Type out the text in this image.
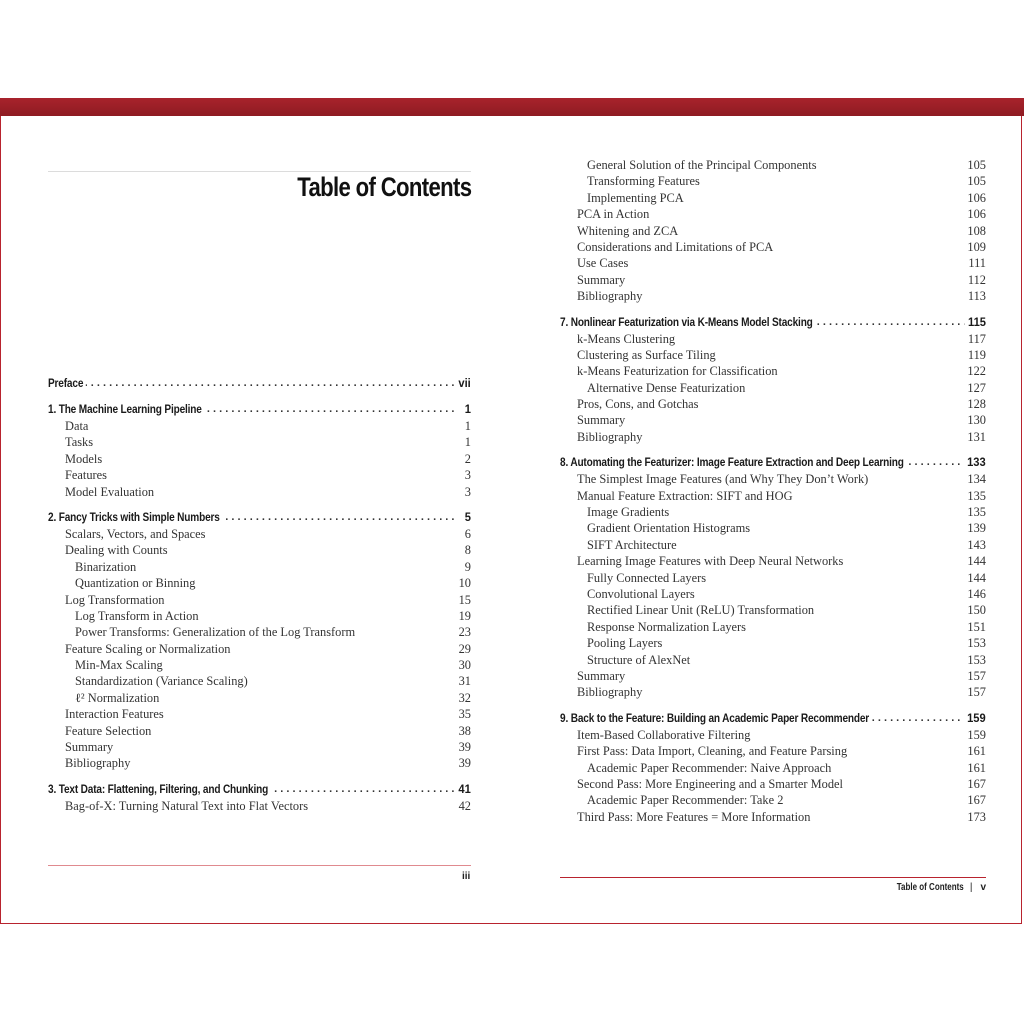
Table of Contents
. . .
Preface	vii
. . .
1. The Machine Learning Pipeline	1
Data	1
Tasks	1
Models	2
Features	3
Model Evaluation	3
. . .
2. Fancy Tricks with Simple Numbers	5
Scalars, Vectors, and Spaces	6
Dealing with Counts	8
Binarization	9
Quantization or Binning	10
Log Transformation	15
Log Transform in Action	19
Power Transforms: Generalization of the Log Transform	23
Feature Scaling or Normalization	29
Min-Max Scaling	30
Standardization (Variance Scaling)	31
ℓ² Normalization	32
Interaction Features	35
Feature Selection	38
Summary	39
Bibliography	39
. . .
3. Text Data: Flattening, Filtering, and Chunking	41
Bag-of-X: Turning Natural Text into Flat Vectors	42
General Solution of the Principal Components	105
Transforming Features	105
Implementing PCA	106
PCA in Action	106
Whitening and ZCA	108
Considerations and Limitations of PCA	109
Use Cases	111
Summary	112
Bibliography	113
. . .
7. Nonlinear Featurization via K-Means Model Stacking	115
k-Means Clustering	117
Clustering as Surface Tiling	119
k-Means Featurization for Classification	122
Alternative Dense Featurization	127
Pros, Cons, and Gotchas	128
Summary	130
Bibliography	131
. . .
8. Automating the Featurizer: Image Feature Extraction and Deep Learning	133
The Simplest Image Features (and Why They Don’t Work)	134
Manual Feature Extraction: SIFT and HOG	135
Image Gradients	135
Gradient Orientation Histograms	139
SIFT Architecture	143
Learning Image Features with Deep Neural Networks	144
Fully Connected Layers	144
Convolutional Layers	146
Rectified Linear Unit (ReLU) Transformation	150
Response Normalization Layers	151
Pooling Layers	153
Structure of AlexNet	153
Summary	157
Bibliography	157
. . .
9. Back to the Feature: Building an Academic Paper Recommender	159
Item-Based Collaborative Filtering	159
First Pass: Data Import, Cleaning, and Feature Parsing	161
Academic Paper Recommender: Naive Approach	161
Second Pass: More Engineering and a Smarter Model	167
Academic Paper Recommender: Take 2	167
Third Pass: More Features = More Information	173
iii
Table of Contents | v
